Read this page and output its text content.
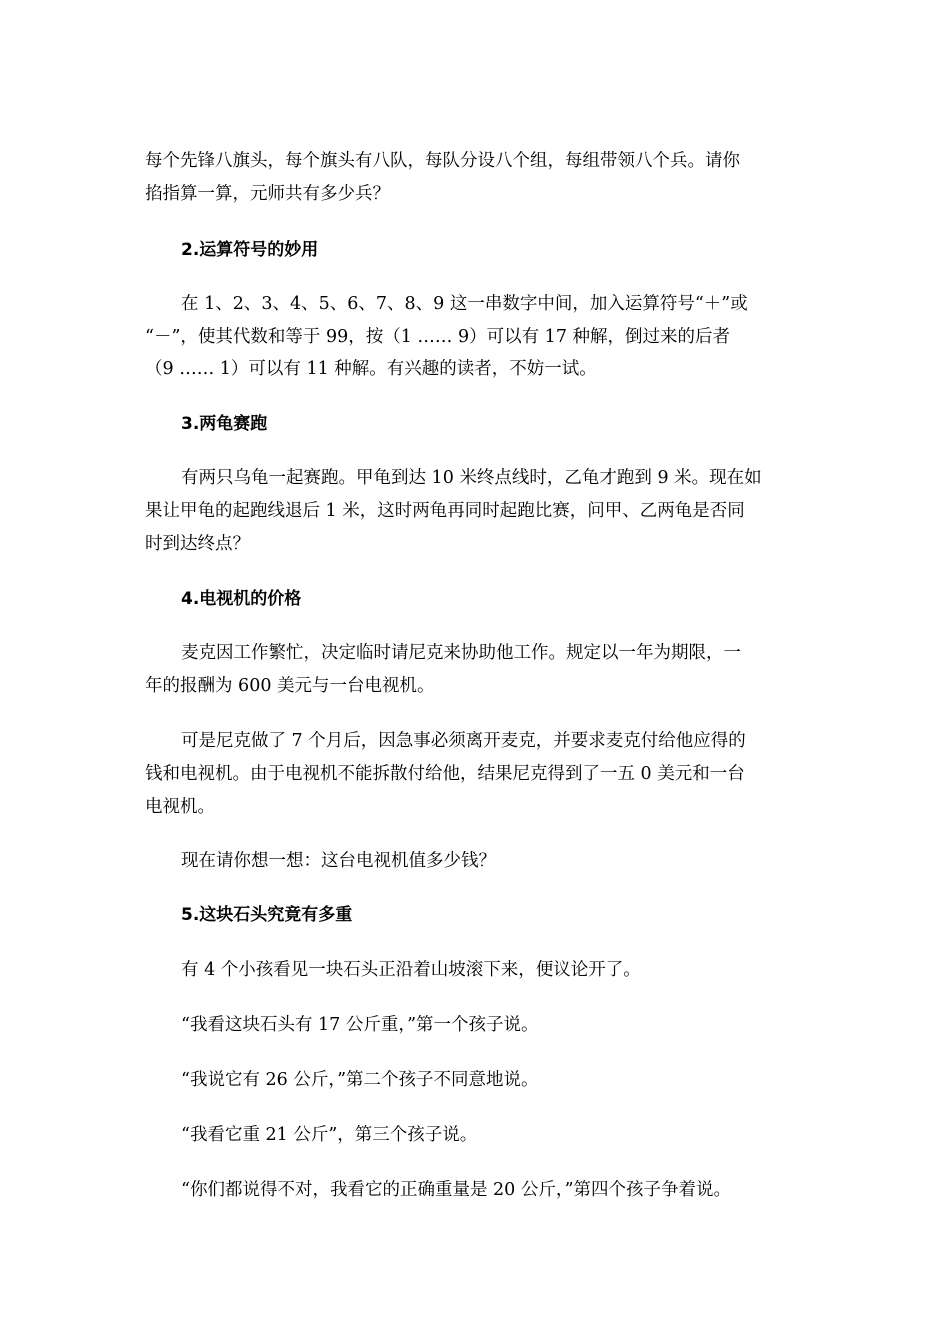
每个先锋八旗头，每个旗头有八队，每队分设八个组，每组带领八个兵。请你
掐指算一算，元师共有多少兵？
2.运算符号的妙用
在 1、2、3、4、5、6、7、8、9 这一串数字中间，加入运算符号“＋”或
“－”，使其代数和等于 99，按（1 …… 9）可以有 17 种解，倒过来的后者
（9 …… 1）可以有 11 种解。有兴趣的读者，不妨一试。
3.两龟赛跑
有两只乌龟一起赛跑。甲龟到达 10 米终点线时，乙龟才跑到 9 米。现在如
果让甲龟的起跑线退后 1 米，这时两龟再同时起跑比赛，问甲、乙两龟是否同
时到达终点？
4.电视机的价格
麦克因工作繁忙，决定临时请尼克来协助他工作。规定以一年为期限，一
年的报酬为 600 美元与一台电视机。
可是尼克做了 7 个月后，因急事必须离开麦克，并要求麦克付给他应得的
钱和电视机。由于电视机不能拆散付给他，结果尼克得到了一五 0 美元和一台
电视机。
现在请你想一想：这台电视机值多少钱？
5.这块石头究竟有多重
有 4 个小孩看见一块石头正沿着山坡滚下来，便议论开了。
“我看这块石头有 17 公斤重，”第一个孩子说。
“我说它有 26 公斤，”第二个孩子不同意地说。
“我看它重 21 公斤”，第三个孩子说。
“你们都说得不对，我看它的正确重量是 20 公斤，”第四个孩子争着说。
